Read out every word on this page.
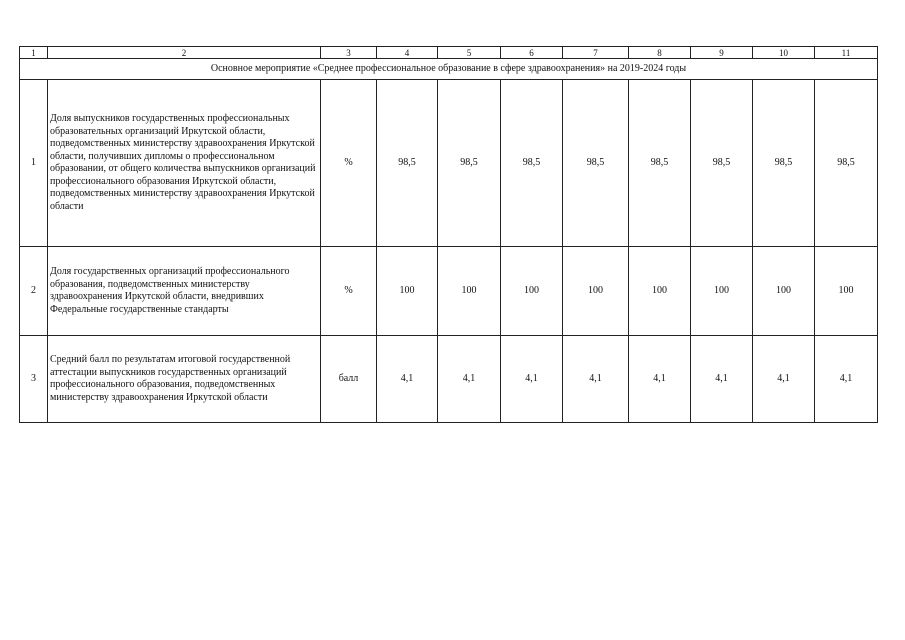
1	2	3	4	5	6	7	8	9	10	11
Основное мероприятие «Среднее профессиональное образование в сфере здравоохранения» на 2019-2024 годы										
1	Доля выпускников государственных профессиональных образовательных организаций Иркутской области, подведомственных министерству здравоохранения Иркутской области, получивших дипломы о профессиональном образовании, от общего количества выпускников организаций профессионального образования Иркутской области, подведомственных министерству здравоохранения Иркутской области	%	98,5	98,5	98,5	98,5	98,5	98,5	98,5	98,5
2	Доля государственных организаций профессионального образования, подведомственных министерству здравоохранения Иркутской области, внедривших Федеральные государственные стандарты	%	100	100	100	100	100	100	100	100
3	Средний балл по результатам итоговой государственной аттестации выпускников государственных организаций профессионального образования, подведомственных министерству здравоохранения Иркутской области	балл	4,1	4,1	4,1	4,1	4,1	4,1	4,1	4,1
